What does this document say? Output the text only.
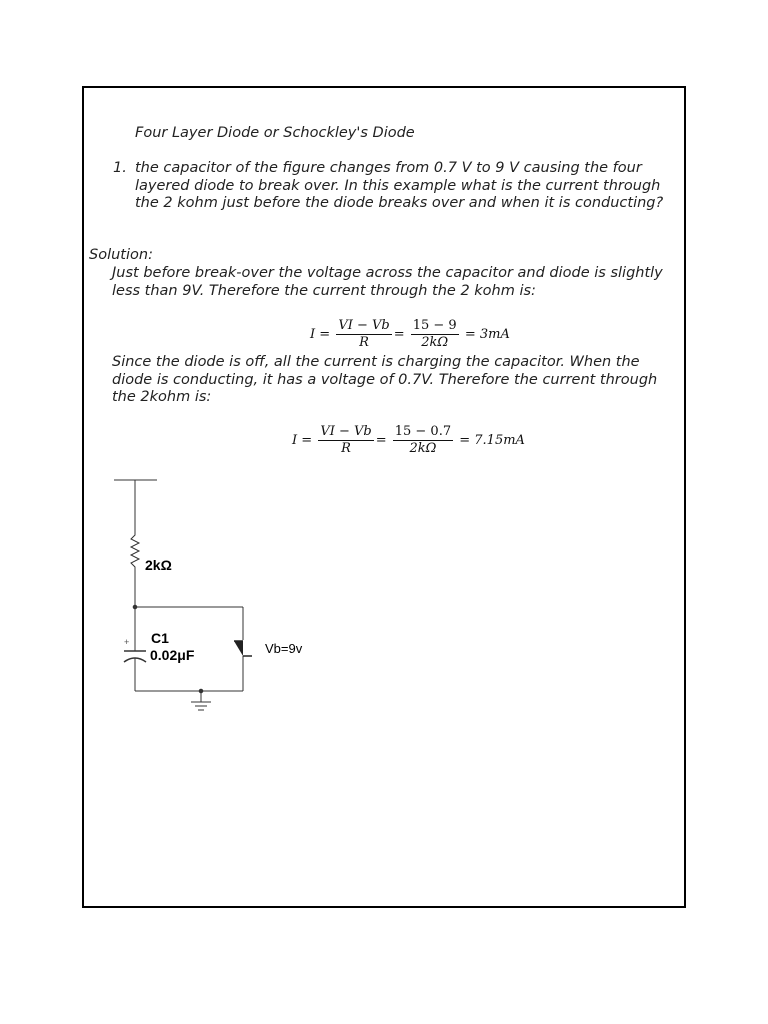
Four Layer Diode or Schockley's Diode
1. the capacitor of the figure changes from 0.7 V to 9 V causing the four layered diode to break over. In this example what is the current through the 2 kohm just before the diode breaks over and when it is conducting?
Solution:
Just before break-over the voltage across the capacitor and diode is slightly less than 9V. Therefore the current through the 2 kohm is:
$I = \frac{VI - Vb}{R} = \frac{15 - 9}{2k\Omega} = 3mA$
Since the diode is off, all the current is charging the capacitor. When the diode is conducting, it has a voltage of 0.7V. Therefore the current through the 2kohm is:
$I = \frac{VI - Vb}{R} = \frac{15 - 0.7}{2k\Omega} = 7.15mA$
2kΩ
C1
0.02μF
+	Vb=9v
